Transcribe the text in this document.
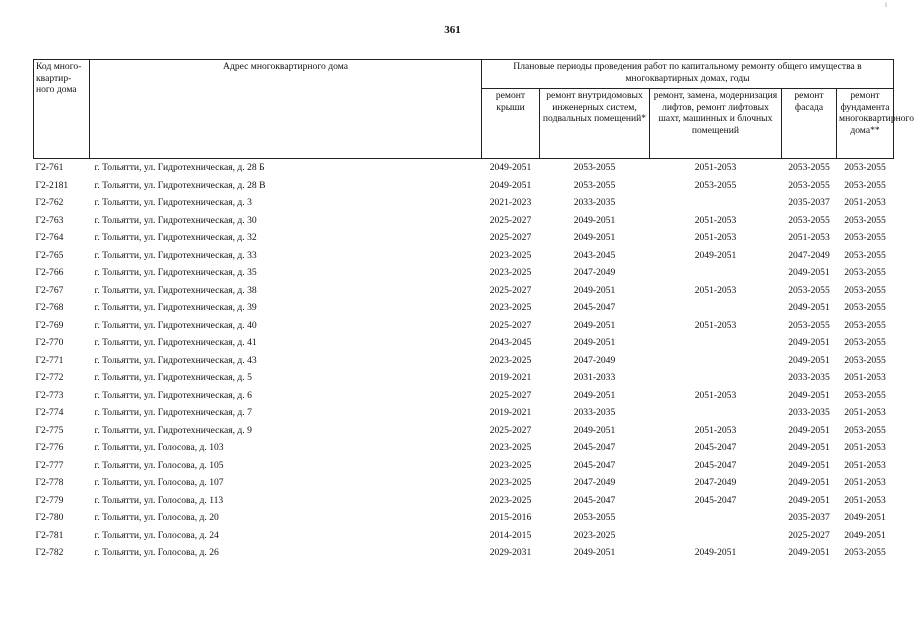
361
ⁱ
Код много-квартир-ного дома	Адрес многоквартирного дома	Плановые периоды проведения работ по капитальному ремонту общего имущества в многоквартирных домах, годы				
		ремонт крыши	ремонт внутридомовых инженерных систем, подвальных помещений*	ремонт, замена, модернизация лифтов, ремонт лифтовых шахт, машинных и блочных помещений	ремонт фасада	ремонт фундамента многоквартирного дома**
Г2-761	г. Тольятти, ул. Гидротехническая, д. 28 Б	2049-2051	2053-2055	2051-2053	2053-2055	2053-2055
Г2-2181	г. Тольятти, ул. Гидротехническая, д. 28 В	2049-2051	2053-2055	2053-2055	2053-2055	2053-2055
Г2-762	г. Тольятти, ул. Гидротехническая, д. 3	2021-2023	2033-2035		2035-2037	2051-2053
Г2-763	г. Тольятти, ул. Гидротехническая, д. 30	2025-2027	2049-2051	2051-2053	2053-2055	2053-2055
Г2-764	г. Тольятти, ул. Гидротехническая, д. 32	2025-2027	2049-2051	2051-2053	2051-2053	2053-2055
Г2-765	г. Тольятти, ул. Гидротехническая, д. 33	2023-2025	2043-2045	2049-2051	2047-2049	2053-2055
Г2-766	г. Тольятти, ул. Гидротехническая, д. 35	2023-2025	2047-2049		2049-2051	2053-2055
Г2-767	г. Тольятти, ул. Гидротехническая, д. 38	2025-2027	2049-2051	2051-2053	2053-2055	2053-2055
Г2-768	г. Тольятти, ул. Гидротехническая, д. 39	2023-2025	2045-2047		2049-2051	2053-2055
Г2-769	г. Тольятти, ул. Гидротехническая, д. 40	2025-2027	2049-2051	2051-2053	2053-2055	2053-2055
Г2-770	г. Тольятти, ул. Гидротехническая, д. 41	2043-2045	2049-2051		2049-2051	2053-2055
Г2-771	г. Тольятти, ул. Гидротехническая, д. 43	2023-2025	2047-2049		2049-2051	2053-2055
Г2-772	г. Тольятти, ул. Гидротехническая, д. 5	2019-2021	2031-2033		2033-2035	2051-2053
Г2-773	г. Тольятти, ул. Гидротехническая, д. 6	2025-2027	2049-2051	2051-2053	2049-2051	2053-2055
Г2-774	г. Тольятти, ул. Гидротехническая, д. 7	2019-2021	2033-2035		2033-2035	2051-2053
Г2-775	г. Тольятти, ул. Гидротехническая, д. 9	2025-2027	2049-2051	2051-2053	2049-2051	2053-2055
Г2-776	г. Тольятти, ул. Голосова, д. 103	2023-2025	2045-2047	2045-2047	2049-2051	2051-2053
Г2-777	г. Тольятти, ул. Голосова, д. 105	2023-2025	2045-2047	2045-2047	2049-2051	2051-2053
Г2-778	г. Тольятти, ул. Голосова, д. 107	2023-2025	2047-2049	2047-2049	2049-2051	2051-2053
Г2-779	г. Тольятти, ул. Голосова, д. 113	2023-2025	2045-2047	2045-2047	2049-2051	2051-2053
Г2-780	г. Тольятти, ул. Голосова, д. 20	2015-2016	2053-2055		2035-2037	2049-2051
Г2-781	г. Тольятти, ул. Голосова, д. 24	2014-2015	2023-2025		2025-2027	2049-2051
Г2-782	г. Тольятти, ул. Голосова, д. 26	2029-2031	2049-2051	2049-2051	2049-2051	2053-2055
